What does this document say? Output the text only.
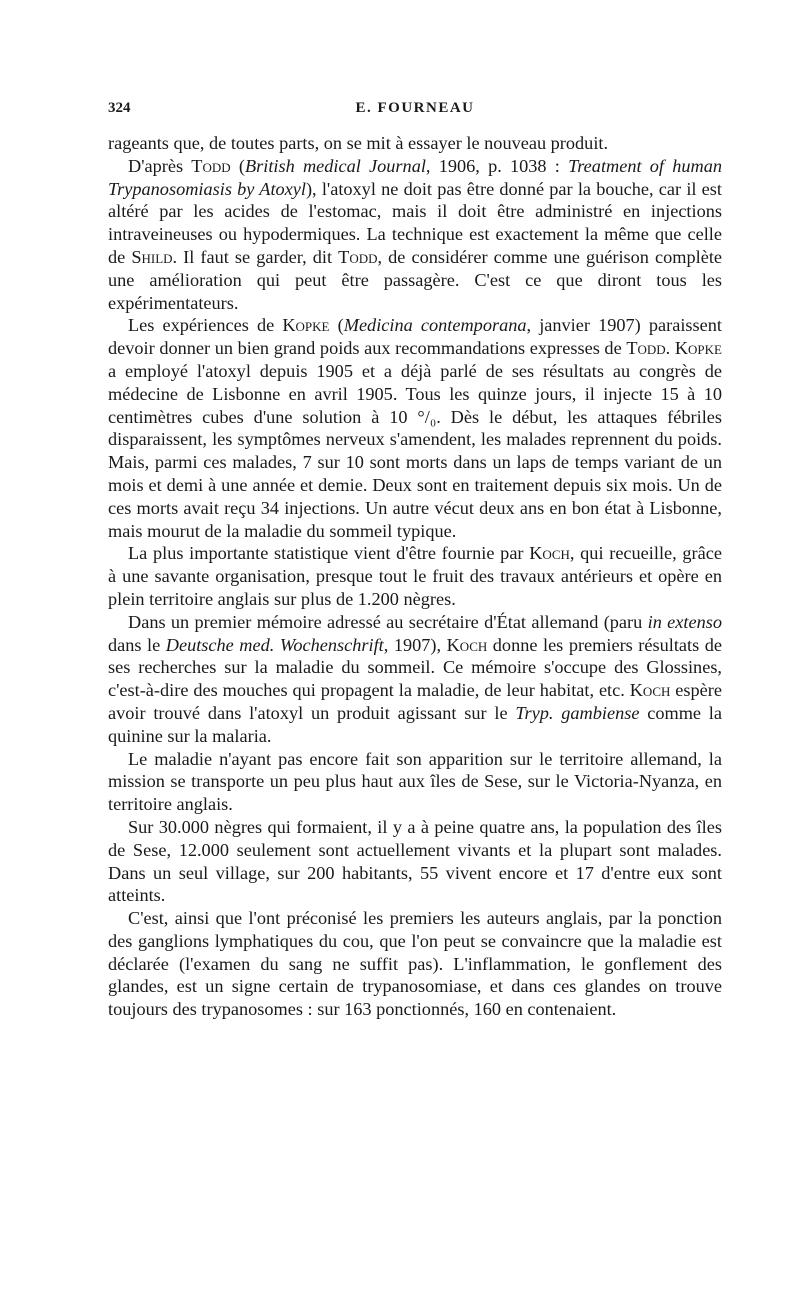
324	E. FOURNEAU

rageants que, de toutes parts, on se mit à essayer le nouveau produit.

D'après Todd (British medical Journal, 1906, p. 1038 : Treatment of human Trypanosomiasis by Atoxyl), l'atoxyl ne doit pas être donné par la bouche, car il est altéré par les acides de l'estomac, mais il doit être administré en injections intraveineuses ou hypodermiques. La technique est exactement la même que celle de Shild. Il faut se garder, dit Todd, de considérer comme une guérison complète une amélioration qui peut être passagère. C'est ce que diront tous les expérimentateurs.

Les expériences de Kopke (Medicina contemporana, janvier 1907) paraissent devoir donner un bien grand poids aux recommandations expresses de Todd. Kopke a employé l'atoxyl depuis 1905 et a déjà parlé de ses résultats au congrès de médecine de Lisbonne en avril 1905. Tous les quinze jours, il injecte 15 à 10 centimètres cubes d'une solution à 10 °/₀. Dès le début, les attaques fébriles disparaissent, les symptômes nerveux s'amendent, les malades reprennent du poids. Mais, parmi ces malades, 7 sur 10 sont morts dans un laps de temps variant de un mois et demi à une année et demie. Deux sont en traitement depuis six mois. Un de ces morts avait reçu 34 injections. Un autre vécut deux ans en bon état à Lisbonne, mais mourut de la maladie du sommeil typique.

La plus importante statistique vient d'être fournie par Koch, qui recueille, grâce à une savante organisation, presque tout le fruit des travaux antérieurs et opère en plein territoire anglais sur plus de 1.200 nègres.

Dans un premier mémoire adressé au secrétaire d'État allemand (paru in extenso dans le Deutsche med. Wochenschrift, 1907), Koch donne les premiers résultats de ses recherches sur la maladie du sommeil. Ce mémoire s'occupe des Glossines, c'est-à-dire des mouches qui propagent la maladie, de leur habitat, etc. Koch espère avoir trouvé dans l'atoxyl un produit agissant sur le Tryp. gambiense comme la quinine sur la malaria.

Le maladie n'ayant pas encore fait son apparition sur le territoire allemand, la mission se transporte un peu plus haut aux îles de Sese, sur le Victoria-Nyanza, en territoire anglais.

Sur 30.000 nègres qui formaient, il y a à peine quatre ans, la population des îles de Sese, 12.000 seulement sont actuellement vivants et la plupart sont malades. Dans un seul village, sur 200 habitants, 55 vivent encore et 17 d'entre eux sont atteints.

C'est, ainsi que l'ont préconisé les premiers les auteurs anglais, par la ponction des ganglions lymphatiques du cou, que l'on peut se convaincre que la maladie est déclarée (l'examen du sang ne suffit pas). L'inflammation, le gonflement des glandes, est un signe certain de trypanosomiase, et dans ces glandes on trouve toujours des trypanosomes : sur 163 ponctionnés, 160 en contenaient.
